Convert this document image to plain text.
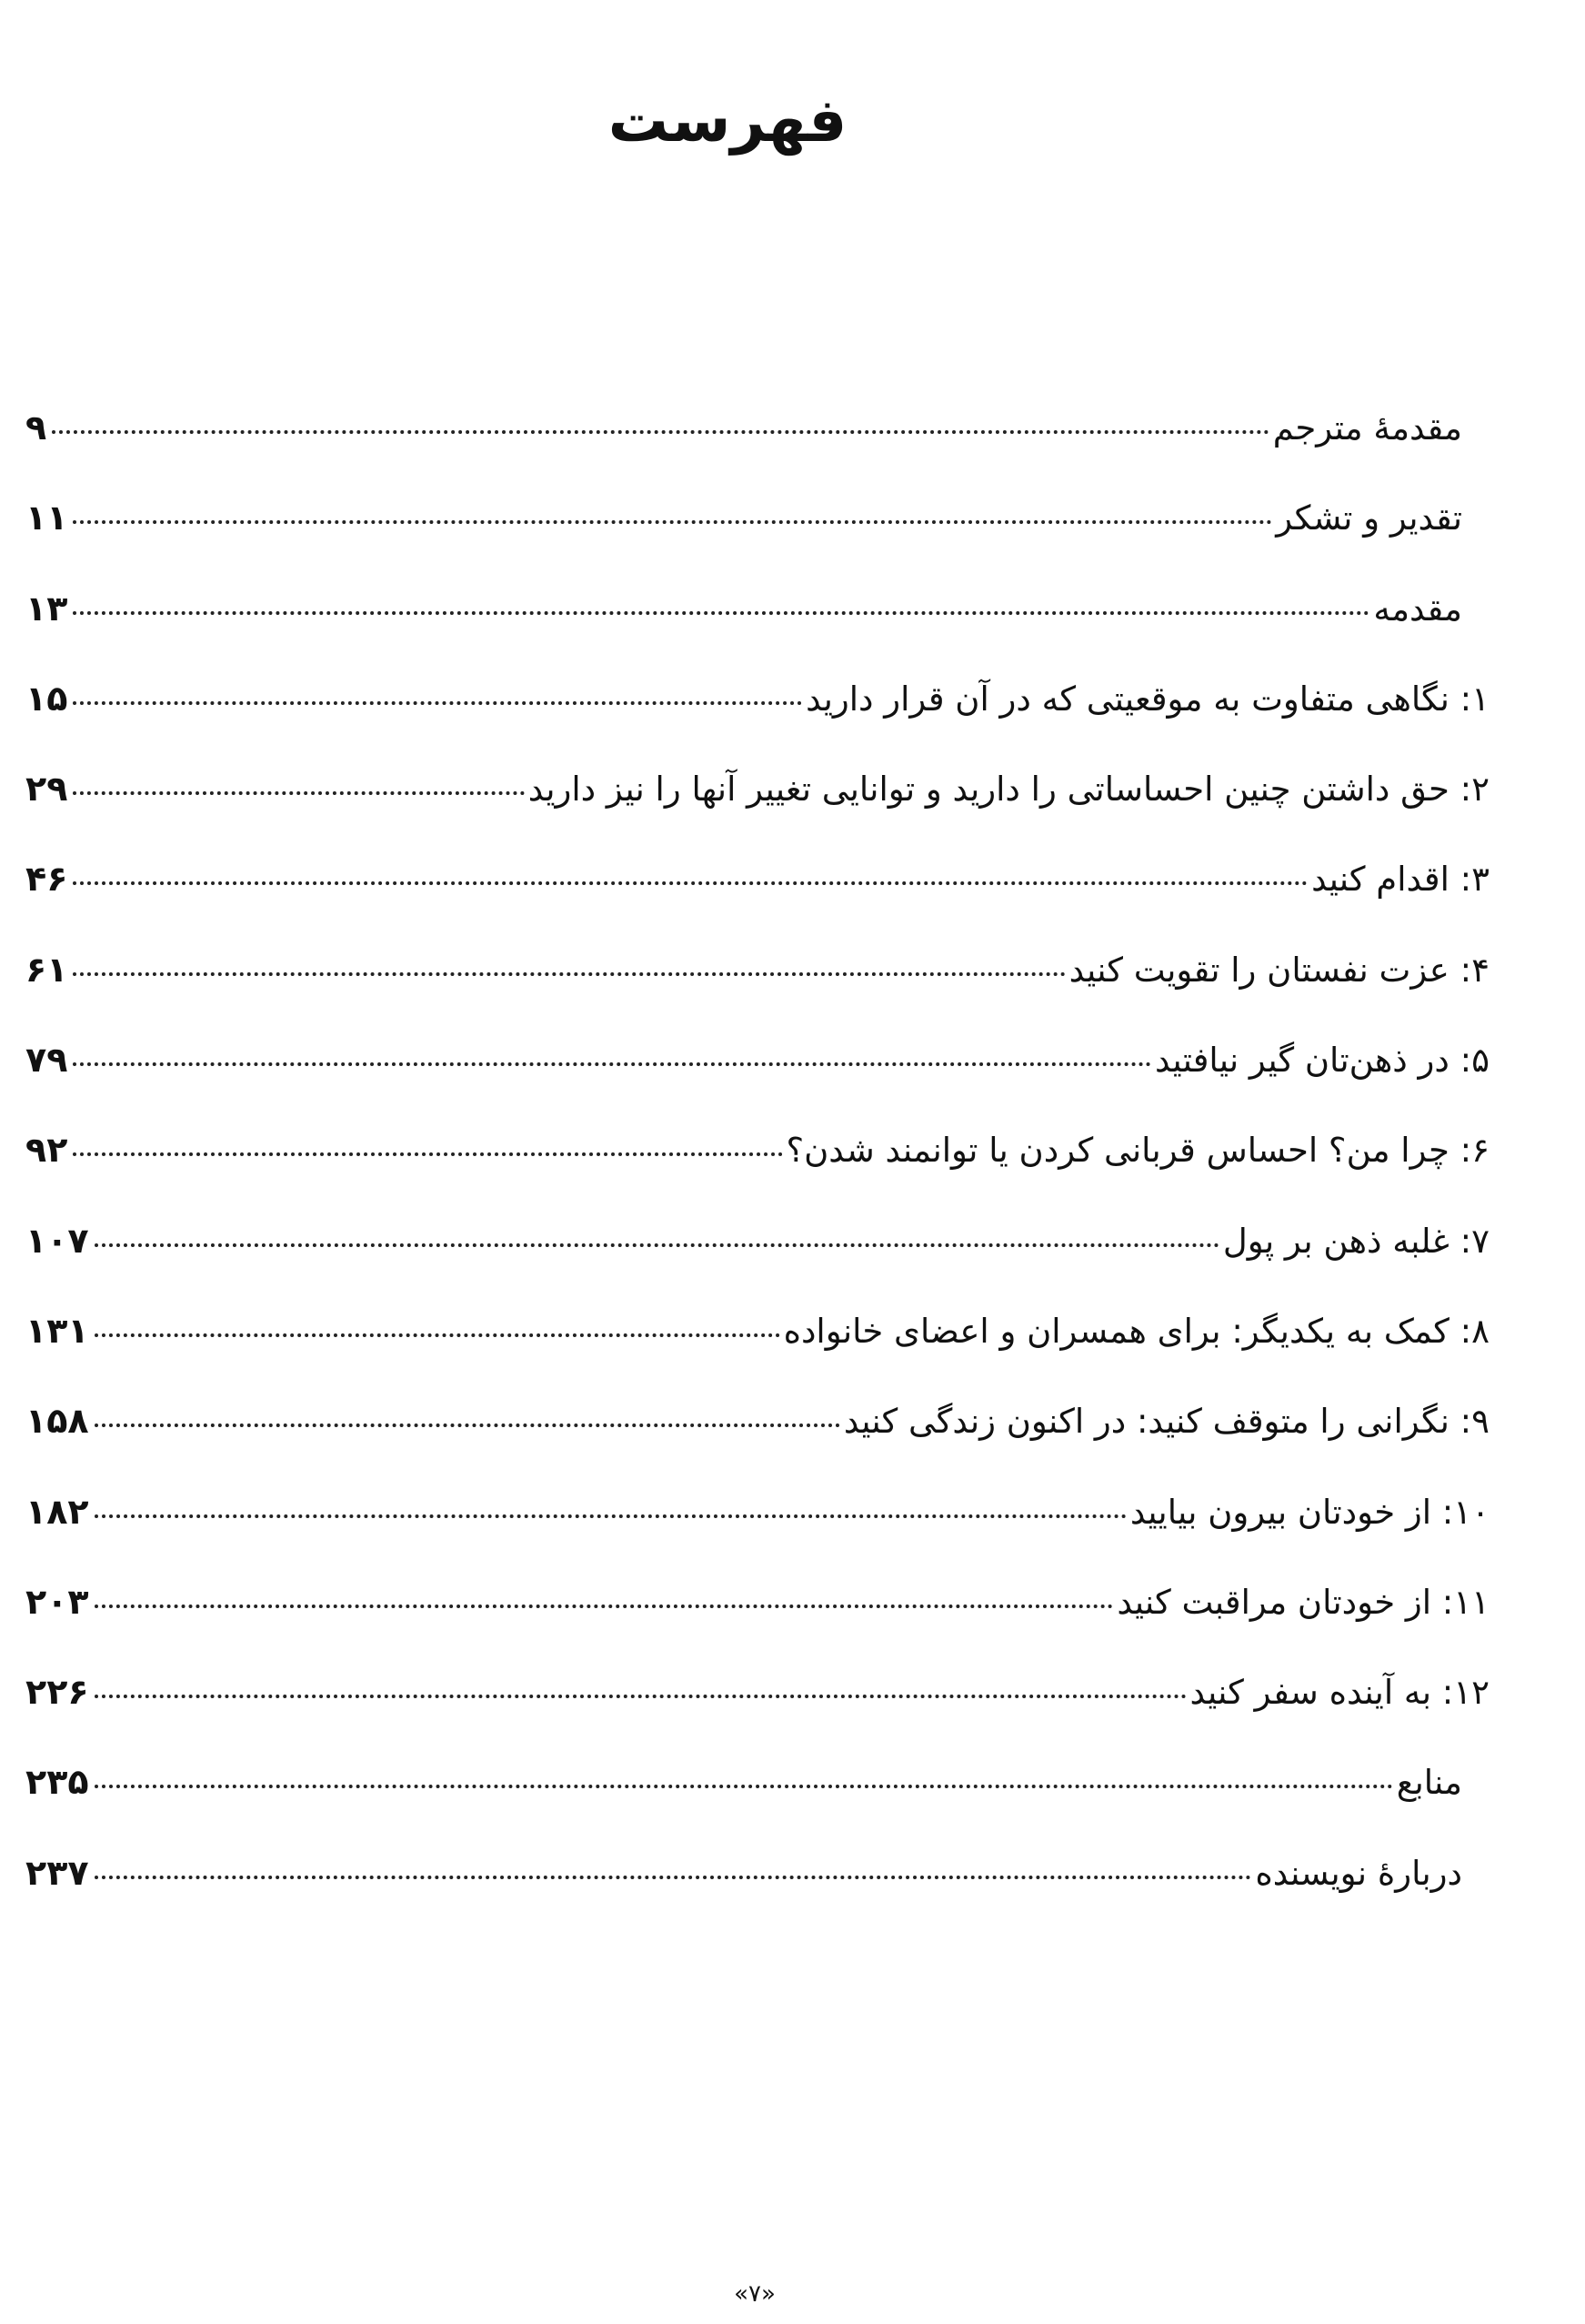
فهرست
مقدمۀ مترجم
۹
تقدیر و تشکر
۱۱
مقدمه
۱۳
۱:
نگاهی متفاوت به موقعیتی که در آن قرار دارید
۱۵
۲:
حق داشتن چنین احساساتی را دارید و توانایی تغییر آنها را نیز دارید
۲۹
۳:
اقدام کنید
۴۶
۴:
عزت نفستان را تقویت کنید
۶۱
۵:
در ذهن‌تان گیر نیافتید
۷۹
۶:
چرا من؟ احساس قربانی کردن یا توانمند شدن؟
۹۲
۷:
غلبه ذهن بر پول
۱۰۷
۸:
کمک به یکدیگر: برای همسران و اعضای خانواده
۱۳۱
۹:
نگرانی را متوقف کنید: در اکنون زندگی کنید
۱۵۸
۱۰:
از خودتان بیرون بیایید
۱۸۲
۱۱:
از خودتان مراقبت کنید
۲۰۳
۱۲:
به آینده سفر کنید
۲۲۶
منابع
۲۳۵
دربارۀ نویسنده
۲۳۷
«۷»
